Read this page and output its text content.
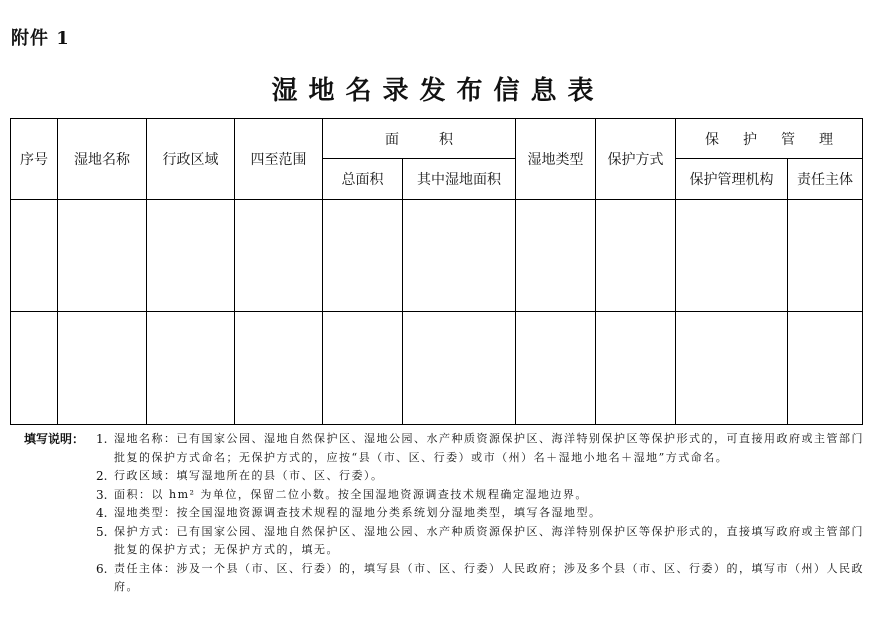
附件 1
湿地名录发布信息表
序号	湿地名称	行政区域	四至范围	面积		湿地类型	保护方式	保护管理	
				总面积	其中湿地面积			保护管理机构	责任主体

填写说明： 1. 湿地名称：已有国家公园、湿地自然保护区、湿地公园、水产种质资源保护区、海洋特别保护区等保护形式的，可直接用政府或主管部门批复的保护方式命名；无保护方式的，应按“县（市、区、行委）或市（州）名＋湿地小地名＋湿地”方式命名。
2. 行政区域：填写湿地所在的县（市、区、行委）。
3. 面积：以 hm² 为单位，保留二位小数。按全国湿地资源调查技术规程确定湿地边界。
4. 湿地类型：按全国湿地资源调查技术规程的湿地分类系统划分湿地类型，填写各湿地型。
5. 保护方式：已有国家公园、湿地自然保护区、湿地公园、水产种质资源保护区、海洋特别保护区等保护形式的，直接填写政府或主管部门批复的保护方式；无保护方式的，填无。
6. 责任主体：涉及一个县（市、区、行委）的，填写县（市、区、行委）人民政府；涉及多个县（市、区、行委）的，填写市（州）人民政府。
